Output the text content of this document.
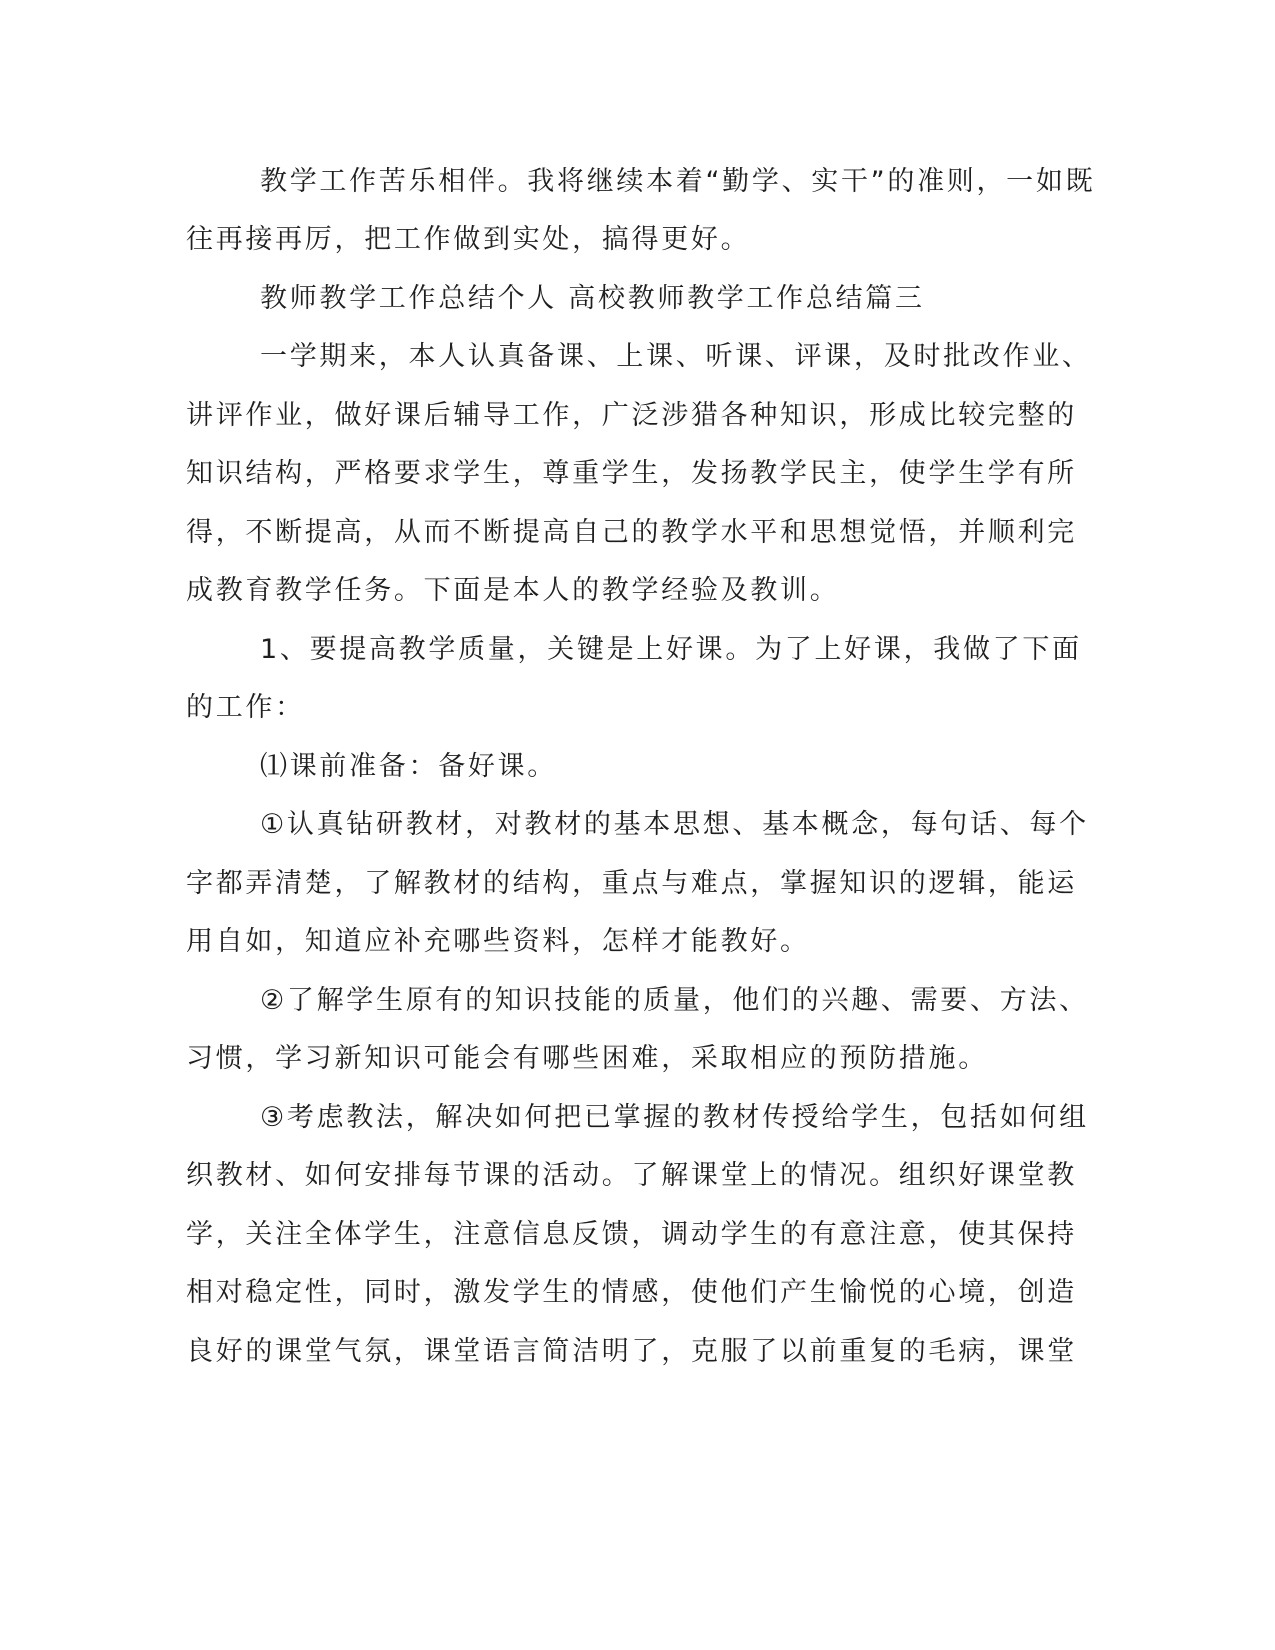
教学工作苦乐相伴。我将继续本着“勤学、实干”的准则，一如既

往再接再厉，把工作做到实处，搞得更好。

教师教学工作总结个人 高校教师教学工作总结篇三

一学期来，本人认真备课、上课、听课、评课，及时批改作业、

讲评作业，做好课后辅导工作，广泛涉猎各种知识，形成比较完整的

知识结构，严格要求学生，尊重学生，发扬教学民主，使学生学有所

得，不断提高，从而不断提高自己的教学水平和思想觉悟，并顺利完

成教育教学任务。下面是本人的教学经验及教训。

1、要提高教学质量，关键是上好课。为了上好课，我做了下面

的工作：

⑴课前准备：备好课。

①认真钻研教材，对教材的基本思想、基本概念，每句话、每个

字都弄清楚，了解教材的结构，重点与难点，掌握知识的逻辑，能运

用自如，知道应补充哪些资料，怎样才能教好。

②了解学生原有的知识技能的质量，他们的兴趣、需要、方法、

习惯，学习新知识可能会有哪些困难，采取相应的预防措施。

③考虑教法，解决如何把已掌握的教材传授给学生，包括如何组

织教材、如何安排每节课的活动。了解课堂上的情况。组织好课堂教

学，关注全体学生，注意信息反馈，调动学生的有意注意，使其保持

相对稳定性，同时，激发学生的情感，使他们产生愉悦的心境，创造

良好的课堂气氛，课堂语言简洁明了，克服了以前重复的毛病，课堂
